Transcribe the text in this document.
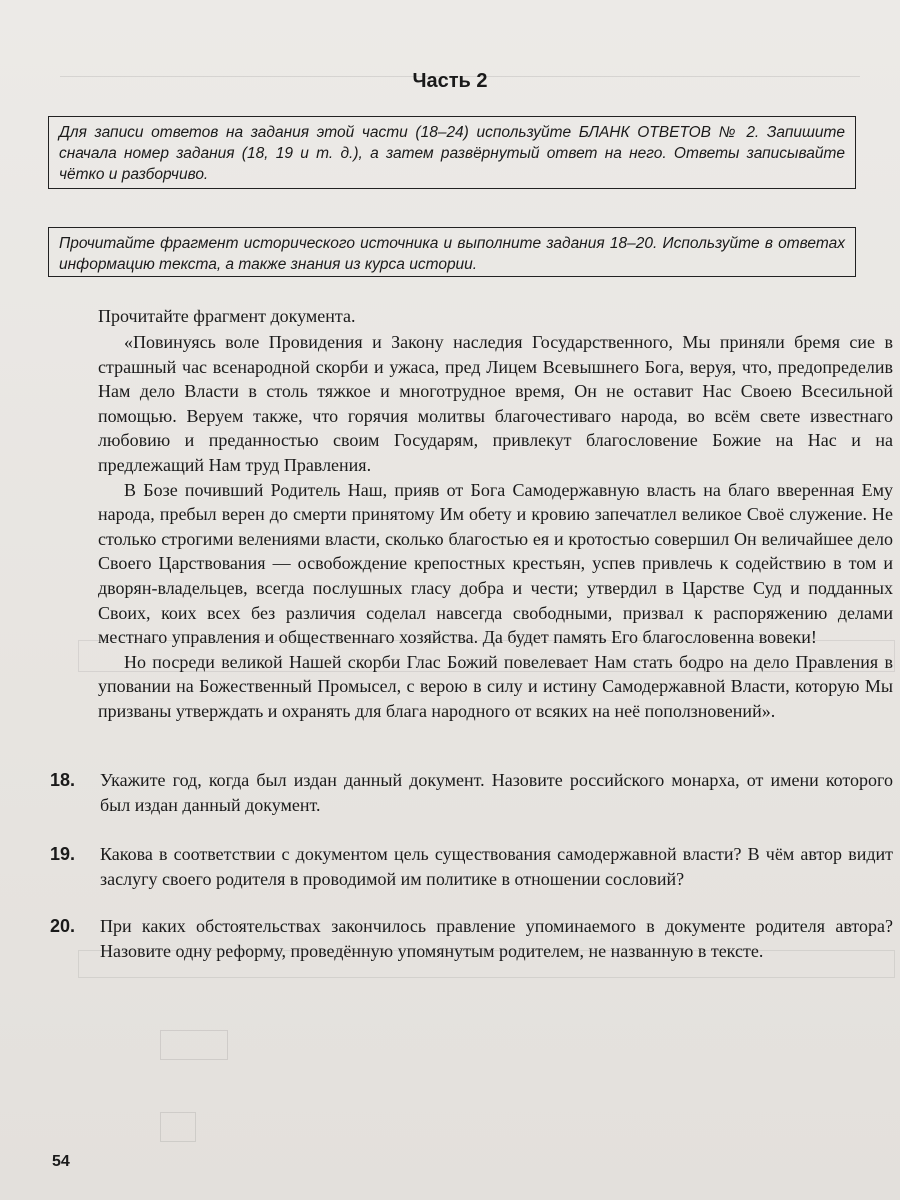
Часть 2
Для записи ответов на задания этой части (18–24) используйте БЛАНК ОТВЕТОВ № 2. Запишите сначала номер задания (18, 19 и т. д.), а затем развёрнутый ответ на него. Ответы записывайте чётко и разборчиво.
Прочитайте фрагмент исторического источника и выполните задания 18–20. Используйте в ответах информацию текста, а также знания из курса истории.

Прочитайте фрагмент документа.

«Повинуясь воле Провидения и Закону наследия Государственного, Мы приняли бремя сие в страшный час всенародной скорби и ужаса, пред Лицем Всевышнего Бога, веруя, что, предопределив Нам дело Власти в столь тяжкое и многотрудное время, Он не оставит Нас Своею Всесильной помощью. Веруем также, что горячия молитвы благочестиваго народа, во всём свете известнаго любовию и преданностью своим Государям, привлекут благословение Божие на Нас и на предлежащий Нам труд Правления.

В Бозе почивший Родитель Наш, прияв от Бога Самодержавную власть на благо вверенная Ему народа, пребыл верен до смерти принятому Им обету и кровию запечатлел великое Своё служение. Не столько строгими велениями власти, сколько благостью ея и кротостью совершил Он величайшее дело Своего Царствования — освобождение крепостных крестьян, успев привлечь к содействию в том и дворян-владельцев, всегда послушных гласу добра и чести; утвердил в Царстве Суд и подданных Своих, коих всех без различия соделал навсегда свободными, призвал к распоряжению делами местнаго управления и общественнаго хозяйства. Да будет память Его благословенна вовеки!

Но посреди великой Нашей скорби Глас Божий повелевает Нам стать бодро на дело Правления в уповании на Божественный Промысел, с верою в силу и истину Самодержавной Власти, которую Мы призваны утверждать и охранять для блага народного от всяких на неё поползновений».

18. Укажите год, когда был издан данный документ. Назовите российского монарха, от имени которого был издан данный документ.
19. Какова в соответствии с документом цель существования самодержавной власти? В чём автор видит заслугу своего родителя в проводимой им политике в отношении сословий?
20. При каких обстоятельствах закончилось правление упоминаемого в документе родителя автора? Назовите одну реформу, проведённую упомянутым родителем, не названную в тексте.
54
